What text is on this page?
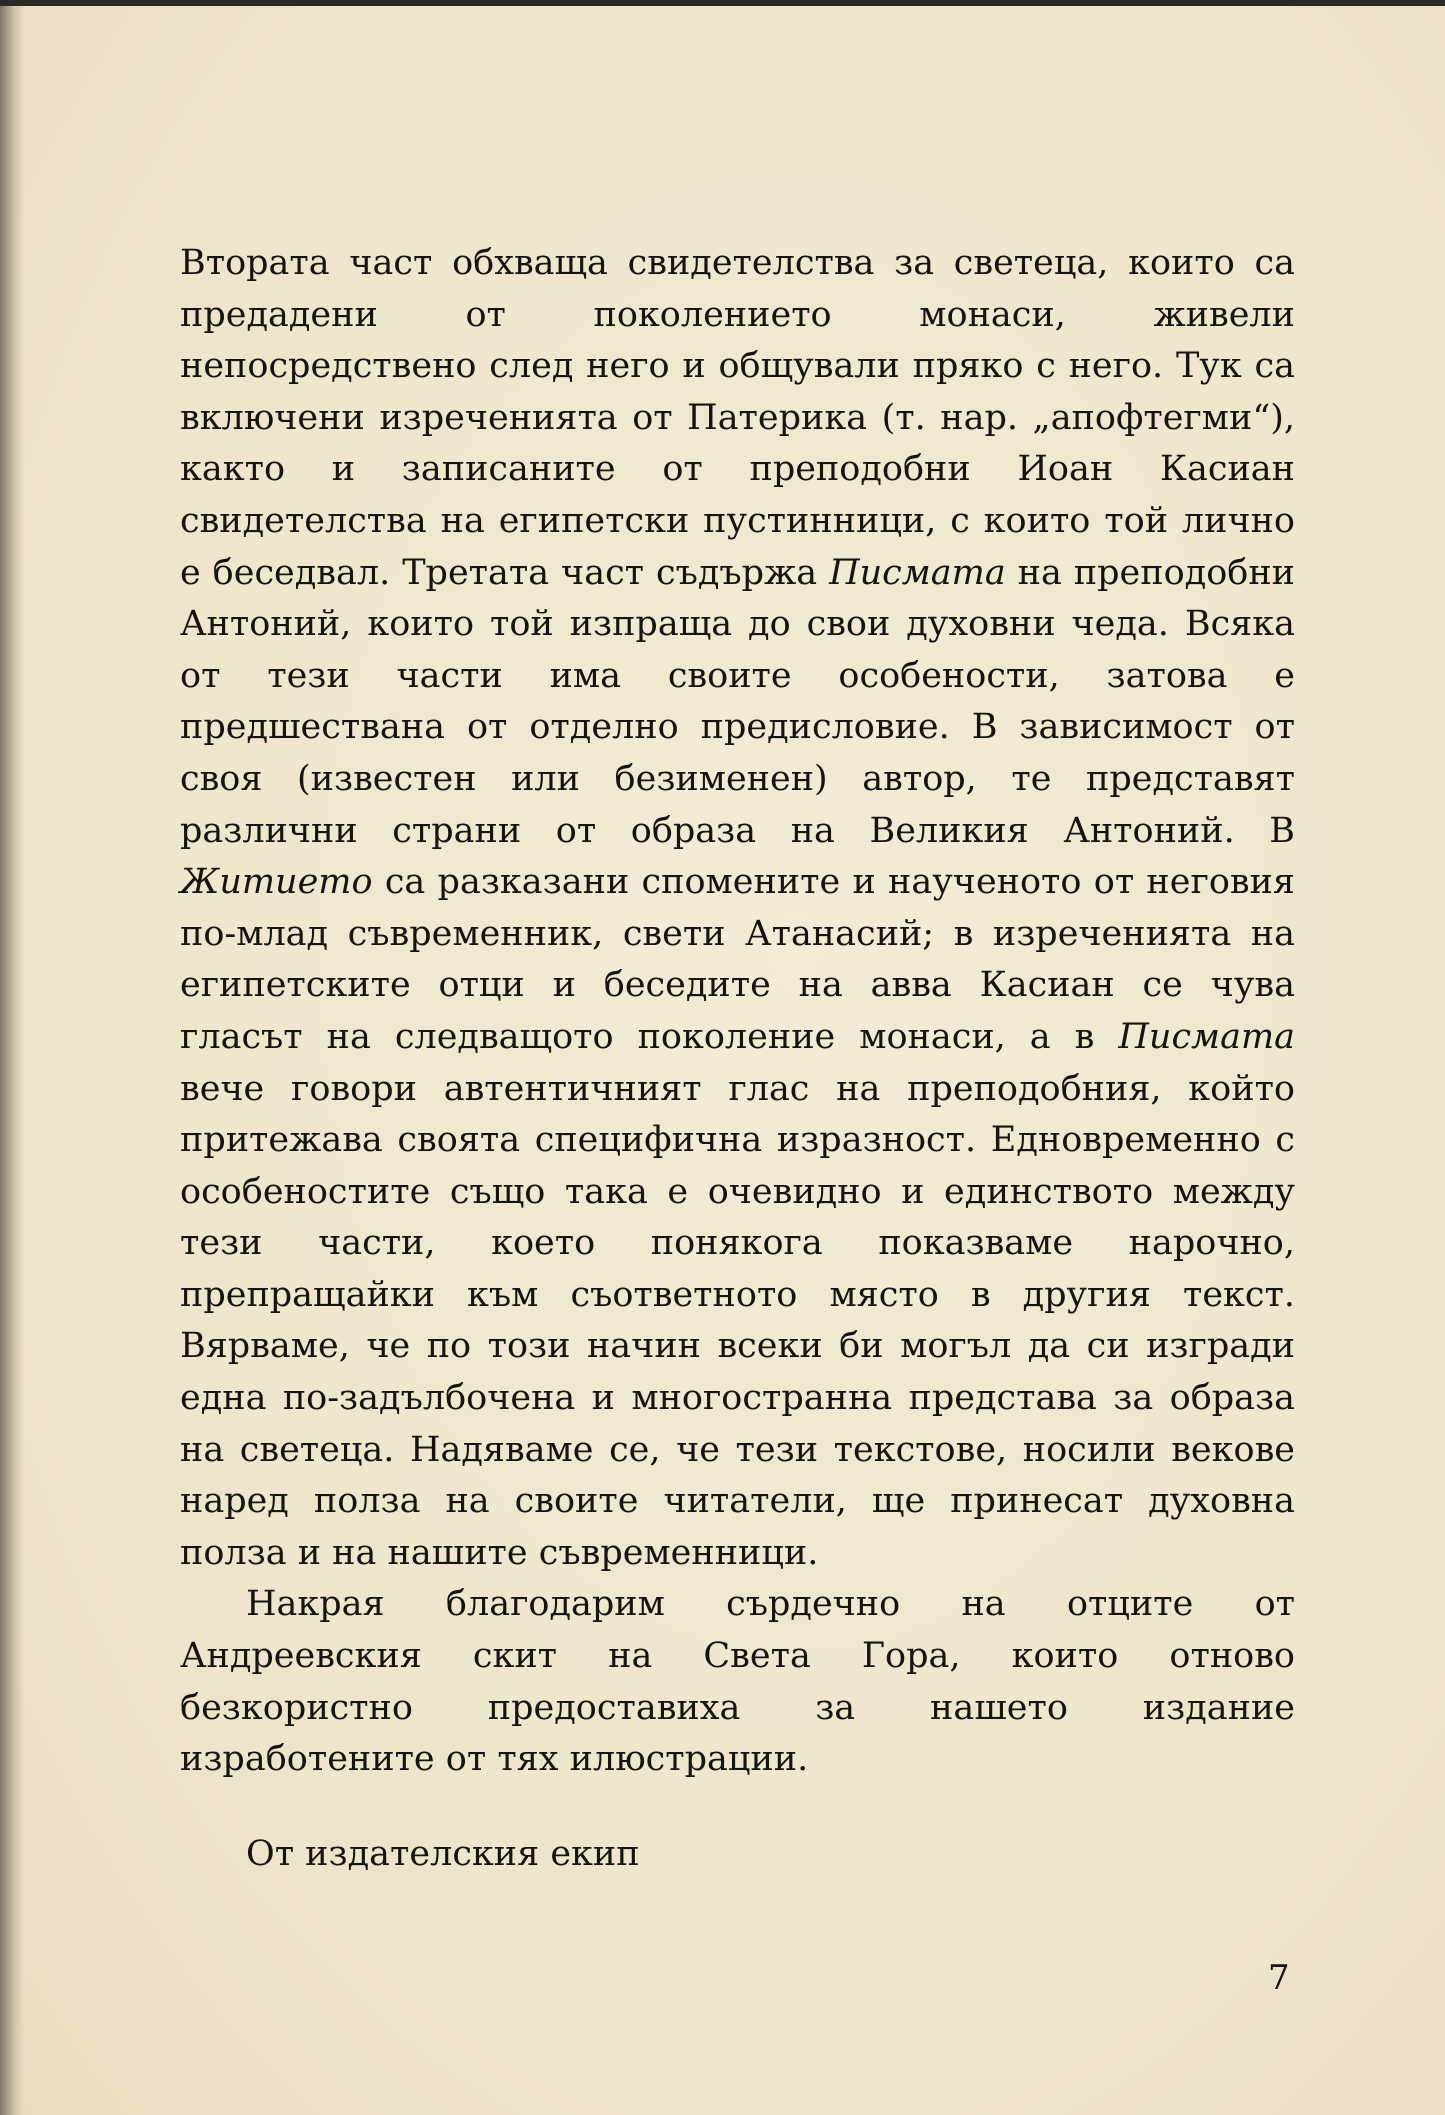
Втората част обхваща свидетелства за светеца, които са предадени от поколението монаси, живели непосредствено след него и общували пряко с него. Тук са включени изреченията от Патерика (т. нар. „апофтегми“), както и записаните от преподобни Иоан Касиан свидетелства на египетски пустинници, с които той лично е беседвал. Третата част съдържа Писмата на преподобни Антоний, които той изпраща до свои духовни чеда. Всяка от тези части има своите особености, затова е предшествана от отделно предисловие. В зависимост от своя (известен или безименен) автор, те представят различни страни от образа на Великия Антоний. В Житието са разказани спомените и наученото от неговия по-млад съвременник, свети Атанасий; в изреченията на египетските отци и беседите на авва Касиан се чува гласът на следващото поколение монаси, а в Писмата вече говори автентичният глас на преподобния, който притежава своята специфична изразност. Едновременно с особеностите също така е очевидно и единството между тези части, което понякога показваме нарочно, препращайки към съответното място в другия текст. Вярваме, че по този начин всеки би могъл да си изгради една по-задълбочена и многостранна представа за образа на светеца. Надяваме се, че тези текстове, носили векове наред полза на своите читатели, ще принесат духовна полза и на нашите съвременници.

Накрая благодарим сърдечно на отците от Андреевския скит на Света Гора, които отново безкористно предоставиха за нашето издание изработените от тях илюстрации.

От издателския екип
7
